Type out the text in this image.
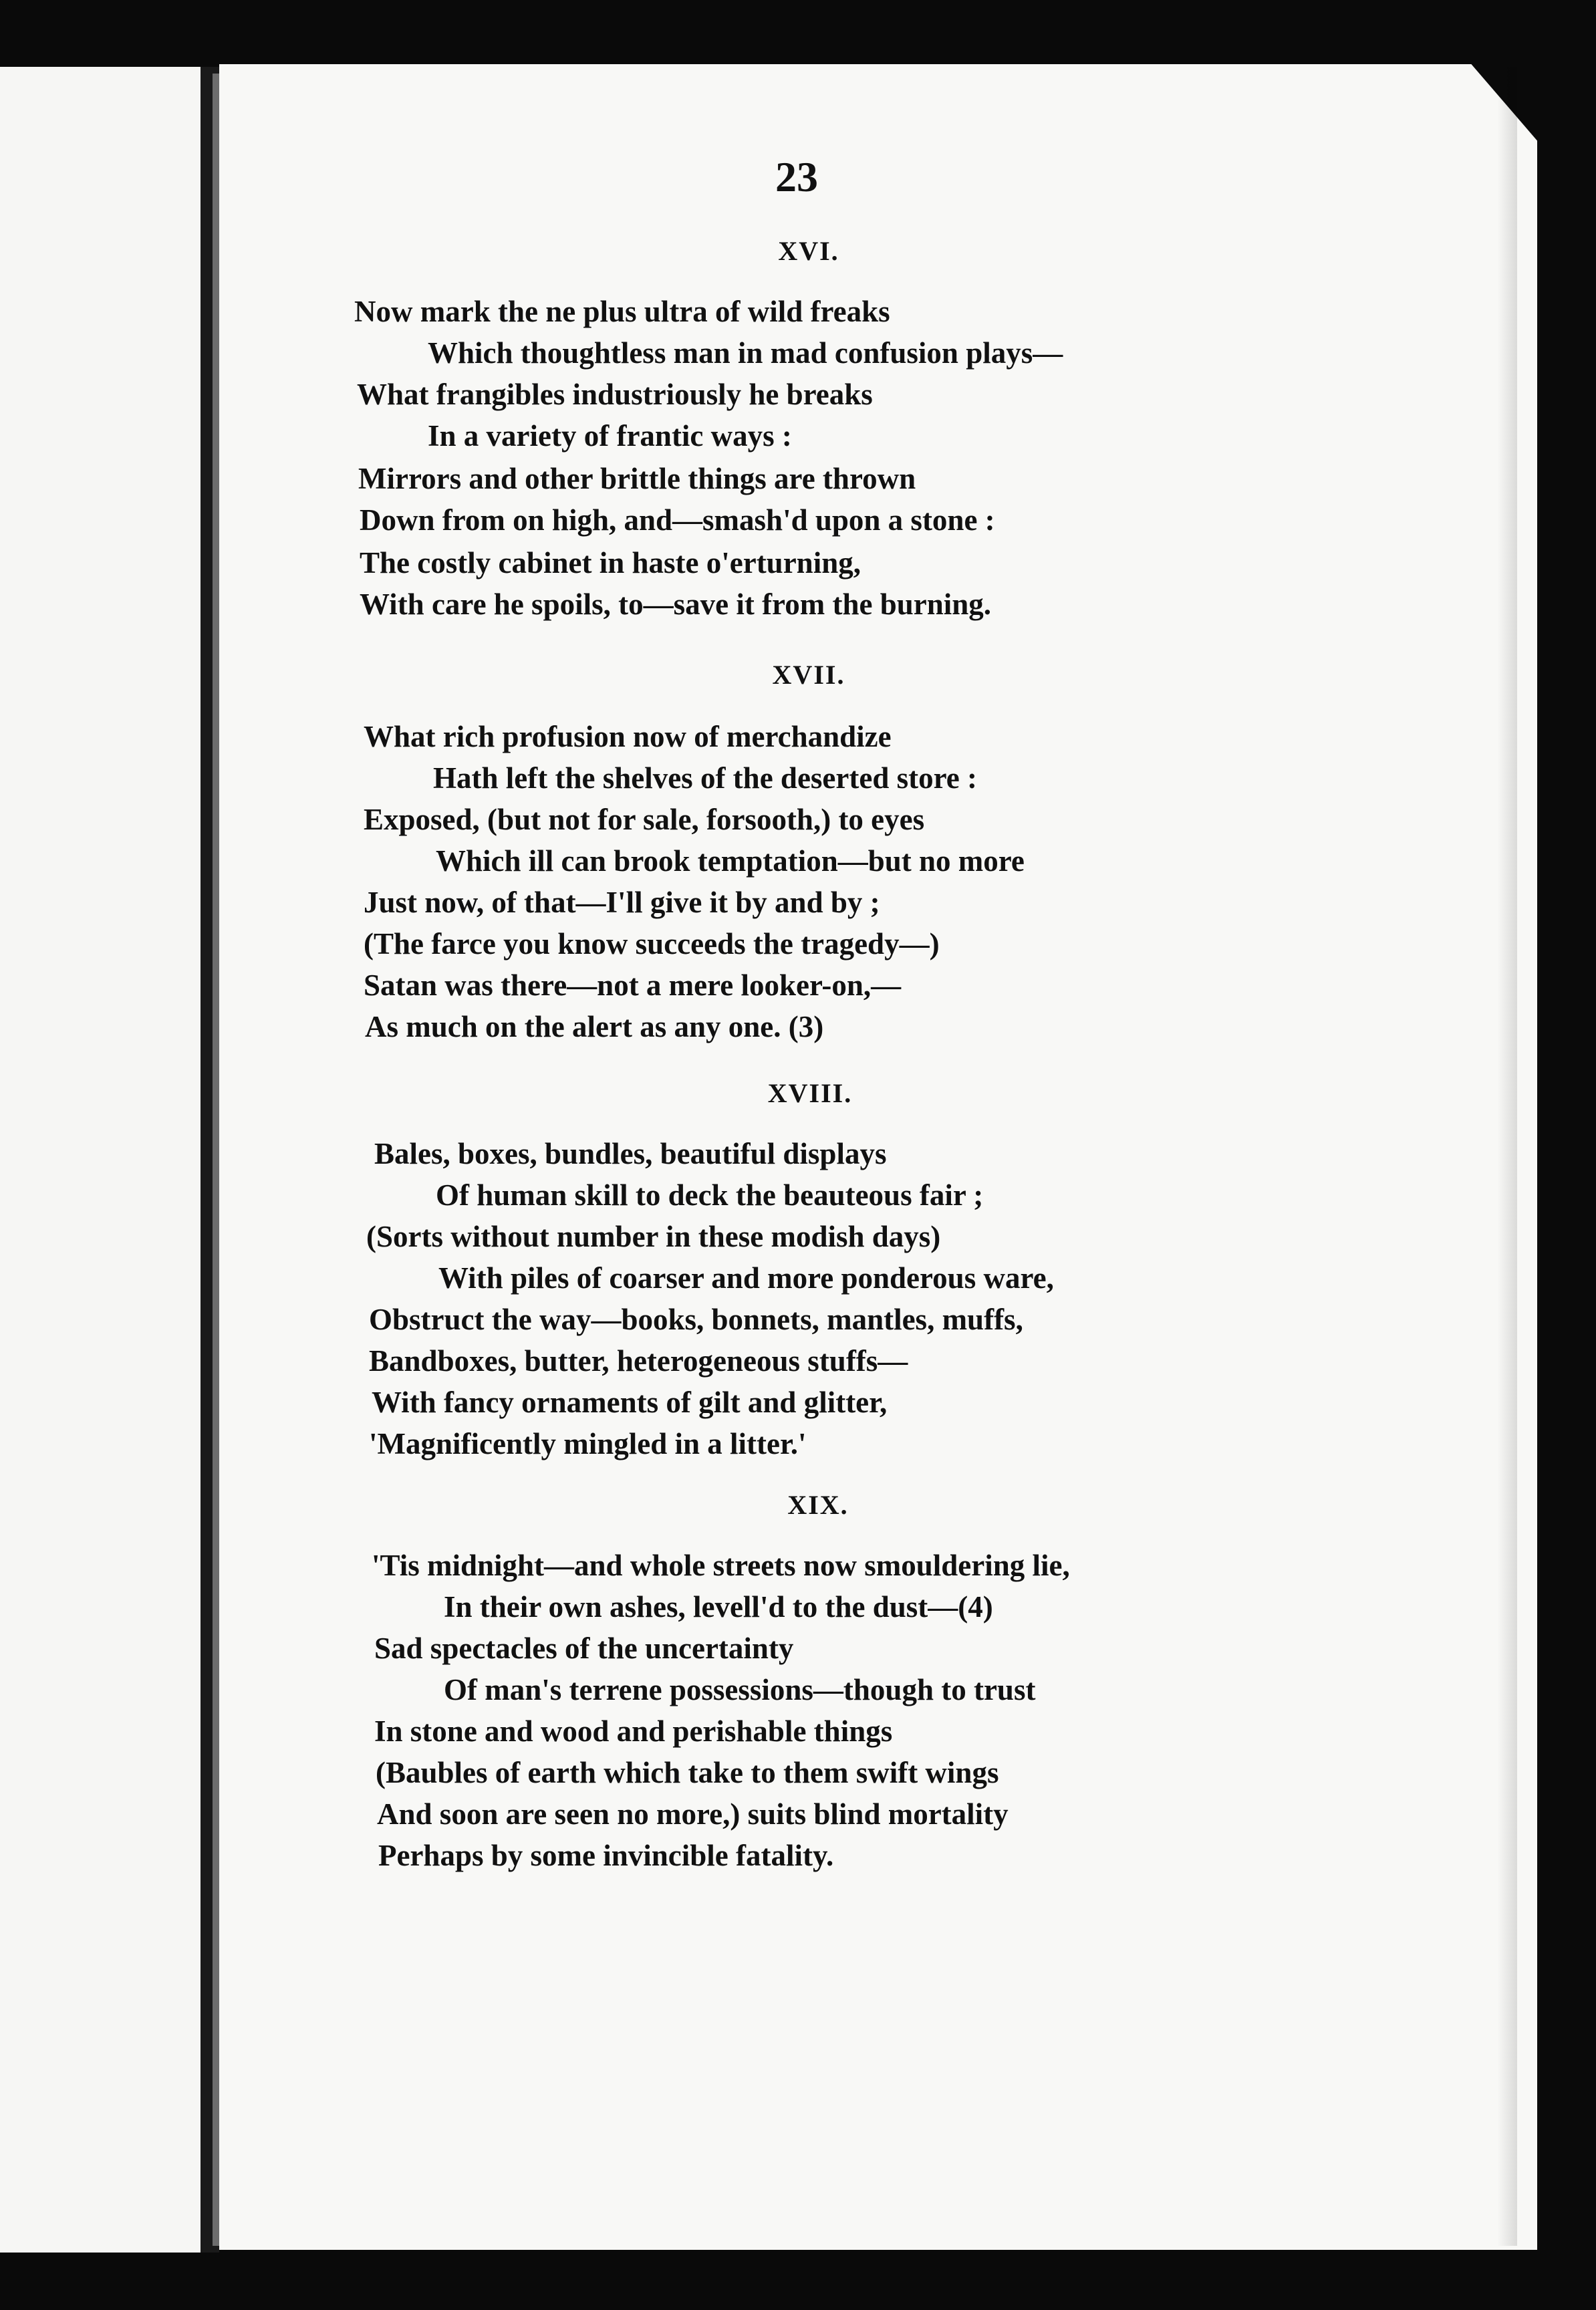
23
XVI.
Now mark the ne plus ultra of wild freaks
Which thoughtless man in mad confusion plays—
What frangibles industriously he breaks
In a variety of frantic ways :
Mirrors and other brittle things are thrown
Down from on high, and—smash'd upon a stone :
The costly cabinet in haste o'erturning,
With care he spoils, to—save it from the burning.
XVII.
What rich profusion now of merchandize
Hath left the shelves of the deserted store :
Exposed, (but not for sale, forsooth,) to eyes
Which ill can brook temptation—but no more
Just now, of that—I'll give it by and by ;
(The farce you know succeeds the tragedy—)
Satan was there—not a mere looker-on,—
As much on the alert as any one. (3)
XVIII.
Bales, boxes, bundles, beautiful displays
Of human skill to deck the beauteous fair ;
(Sorts without number in these modish days)
With piles of coarser and more ponderous ware,
Obstruct the way—books, bonnets, mantles, muffs,
Bandboxes, butter, heterogeneous stuffs—
With fancy ornaments of gilt and glitter,
'Magnificently mingled in a litter.'
XIX.
'Tis midnight—and whole streets now smouldering lie,
In their own ashes, levell'd to the dust—(4)
Sad spectacles of the uncertainty
Of man's terrene possessions—though to trust
In stone and wood and perishable things
(Baubles of earth which take to them swift wings
And soon are seen no more,) suits blind mortality
Perhaps by some invincible fatality.
